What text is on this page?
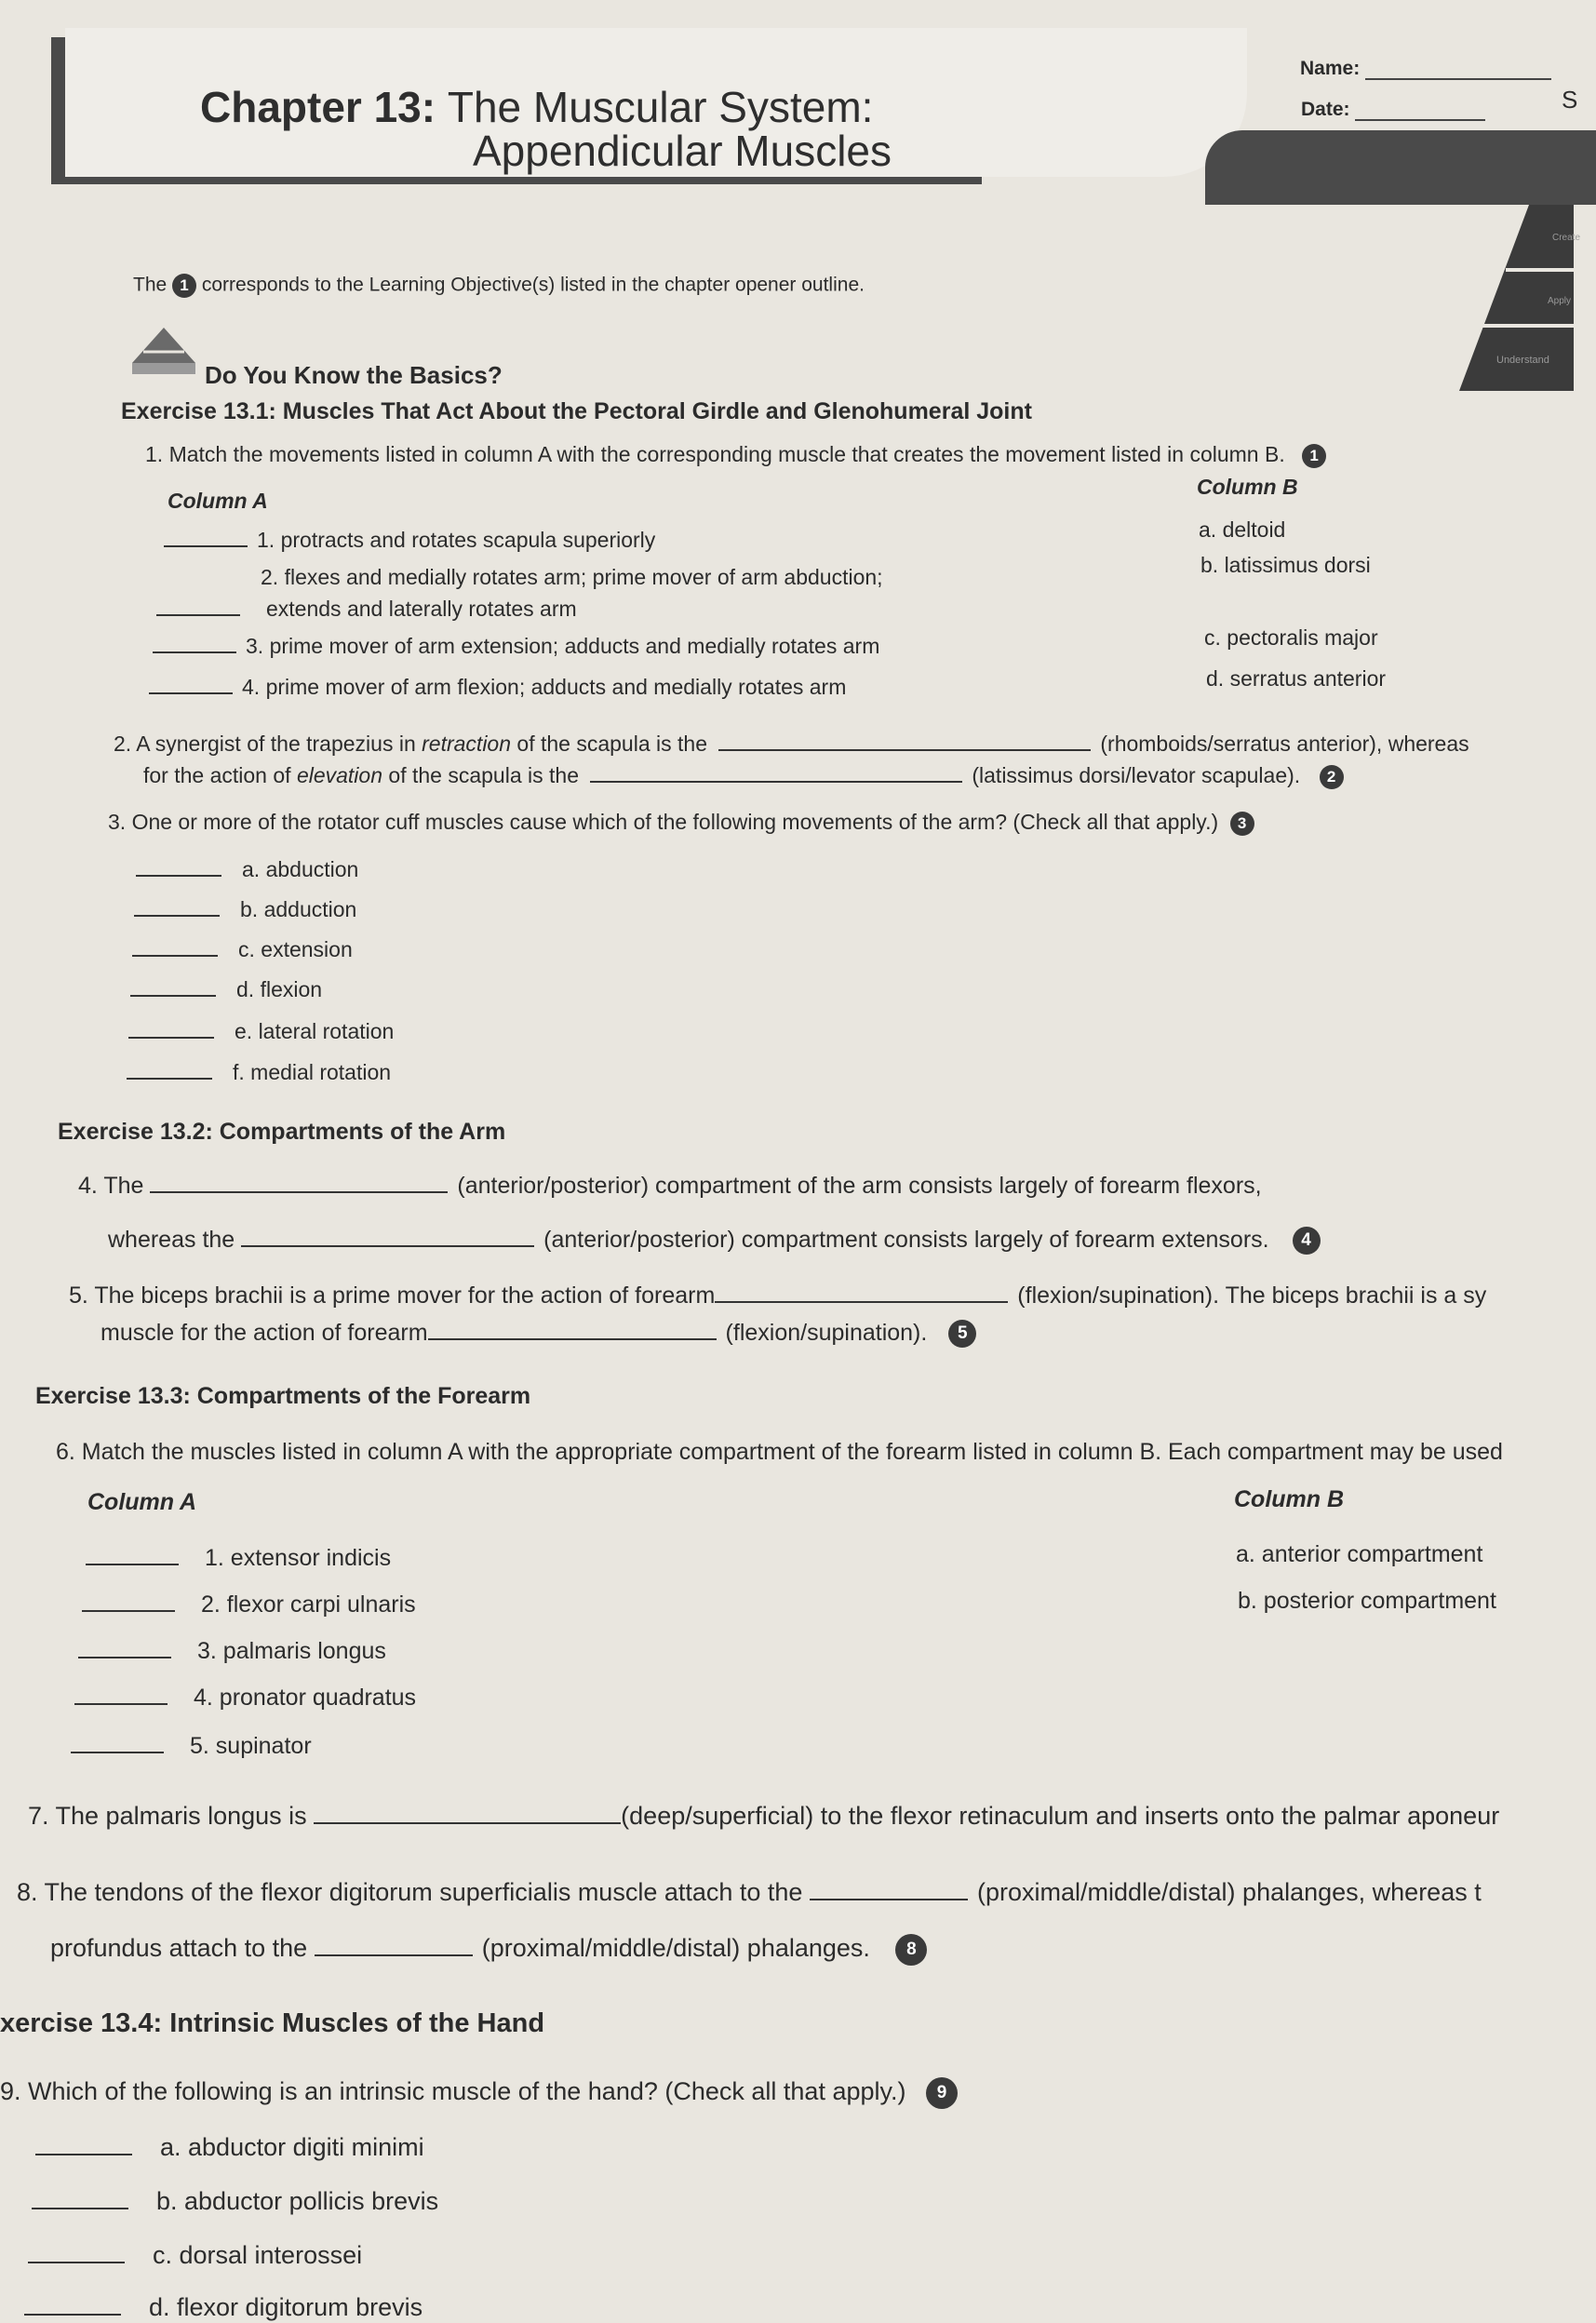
Chapter 13: The Muscular System:
Appendicular Muscles
Name:
Date:	S
Create
Apply
Understand
The 1 corresponds to the Learning Objective(s) listed in the chapter opener outline.
Do You Know the Basics?
Exercise 13.1: Muscles That Act About the Pectoral Girdle and Glenohumeral Joint
1. Match the movements listed in column A with the corresponding muscle that creates the movement listed in column B. 1
Column A
Column B
1. protracts and rotates scapula superiorly
2. flexes and medially rotates arm; prime mover of arm abduction;
extends and laterally rotates arm
3. prime mover of arm extension; adducts and medially rotates arm
4. prime mover of arm flexion; adducts and medially rotates arm
a. deltoid
b. latissimus dorsi
c. pectoralis major
d. serratus anterior
2. A synergist of the trapezius in retraction of the scapula is the	(rhomboids/serratus anterior), whereas
for the action of elevation of the scapula is the	(latissimus dorsi/levator scapulae). 2
3. One or more of the rotator cuff muscles cause which of the following movements of the arm? (Check all that apply.) 3
a. abduction
b. adduction
c. extension
d. flexion
e. lateral rotation
f. medial rotation
Exercise 13.2: Compartments of the Arm
4. The	(anterior/posterior) compartment of the arm consists largely of forearm flexors,
whereas the	(anterior/posterior) compartment consists largely of forearm extensors. 4
5. The biceps brachii is a prime mover for the action of forearm	(flexion/supination). The biceps brachii is a sy
muscle for the action of forearm	(flexion/supination). 5
Exercise 13.3: Compartments of the Forearm
6. Match the muscles listed in column A with the appropriate compartment of the forearm listed in column B. Each compartment may be used
Column A	Column B
1. extensor indicis
2. flexor carpi ulnaris
3. palmaris longus
4. pronator quadratus
5. supinator
a. anterior compartment
b. posterior compartment
7. The palmaris longus is	(deep/superficial) to the flexor retinaculum and inserts onto the palmar aponeur
8. The tendons of the flexor digitorum superficialis muscle attach to the	(proximal/middle/distal) phalanges, whereas t
profundus attach to the	(proximal/middle/distal) phalanges. 8
xercise 13.4: Intrinsic Muscles of the Hand
9. Which of the following is an intrinsic muscle of the hand? (Check all that apply.) 9
a. abductor digiti minimi
b. abductor pollicis brevis
c. dorsal interossei
d. flexor digitorum brevis
